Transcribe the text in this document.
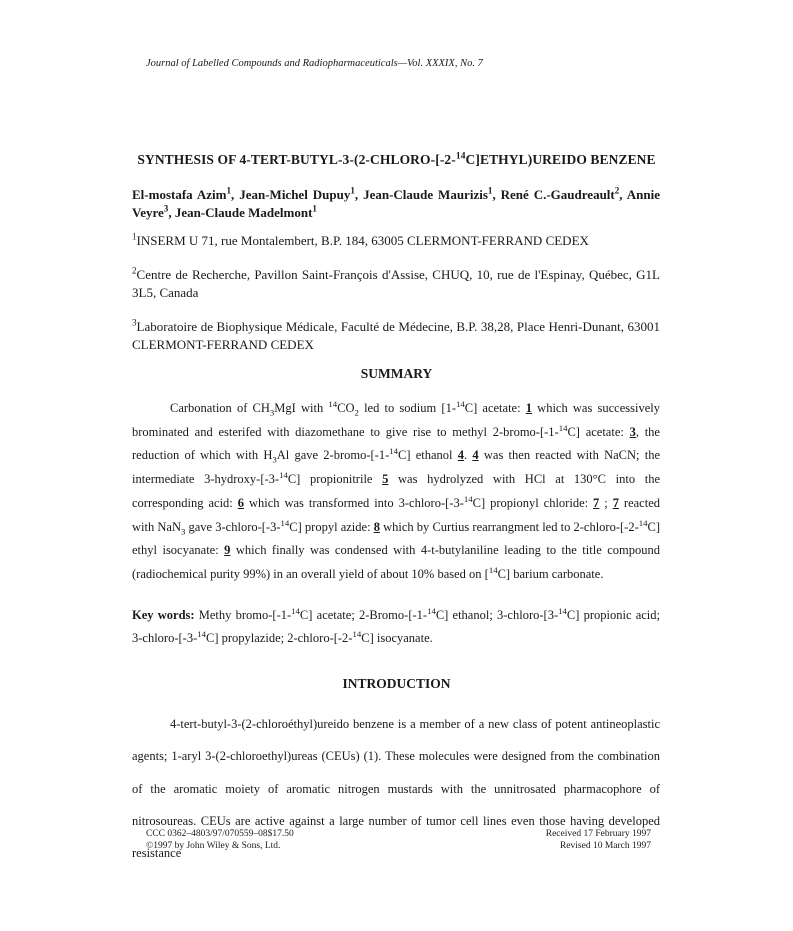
Journal of Labelled Compounds and Radiopharmaceuticals—Vol. XXXIX, No. 7
SYNTHESIS OF 4-TERT-BUTYL-3-(2-CHLORO-[-2-$^{14}$C]ETHYL)UREIDO BENZENE
El-mostafa Azim$^1$, Jean-Michel Dupuy$^1$, Jean-Claude Maurizis$^1$, René C.-Gaudreault$^2$, Annie Veyre$^3$, Jean-Claude Madelmont$^1$
$^1$INSERM U 71, rue Montalembert, B.P. 184, 63005 CLERMONT-FERRAND CEDEX
$^2$Centre de Recherche, Pavillon Saint-François d'Assise, CHUQ, 10, rue de l'Espinay, Québec, G1L 3L5, Canada
$^3$Laboratoire de Biophysique Médicale, Faculté de Médecine, B.P. 38,28, Place Henri-Dunant, 63001 CLERMONT-FERRAND CEDEX
SUMMARY
Carbonation of $CH_3MgI$ with $^{14}CO_2$ led to sodium [1-$^{14}$C] acetate: 1 which was successively brominated and esterifed with diazomethane to give rise to methyl 2-bromo-[-1-$^{14}$C] acetate: 3, the reduction of which with $H_3Al$ gave 2-bromo-[-1-$^{14}$C] ethanol 4. 4 was then reacted with NaCN; the intermediate 3-hydroxy-[-3-$^{14}$C] propionitrile 5 was hydrolyzed with HCl at 130°C into the corresponding acid: 6 which was transformed into 3-chloro-[-3-$^{14}$C] propionyl chloride: 7 ; 7 reacted with NaN$_3$ gave 3-chloro-[-3-$^{14}$C] propyl azide: 8 which by Curtius rearrangment led to 2-chloro-[-2-$^{14}$C] ethyl isocyanate: 9 which finally was condensed with 4-t-butylaniline leading to the title compound (radiochemical purity 99%) in an overall yield of about 10% based on [$^{14}$C] barium carbonate.
Key words: Methy bromo-[-1-$^{14}$C] acetate; 2-Bromo-[-1-$^{14}$C] ethanol; 3-chloro-[3-$^{14}$C] propionic acid; 3-chloro-[-3-$^{14}$C] propylazide; 2-chloro-[-2-$^{14}$C] isocyanate.
INTRODUCTION
4-tert-butyl-3-(2-chloroéthyl)ureido benzene is a member of a new class of potent antineoplastic agents; 1-aryl 3-(2-chloroethyl)ureas (CEUs) (1). These molecules were designed from the combination of the aromatic moiety of aromatic nitrogen mustards with the unnitrosated pharmacophore of nitrosoureas. CEUs are active against a large number of tumor cell lines even those having developed resistance
CCC 0362–4803/97/070559–08$17.50
©1997 by John Wiley & Sons, Ltd.
Received 17 February 1997
Revised 10 March 1997
